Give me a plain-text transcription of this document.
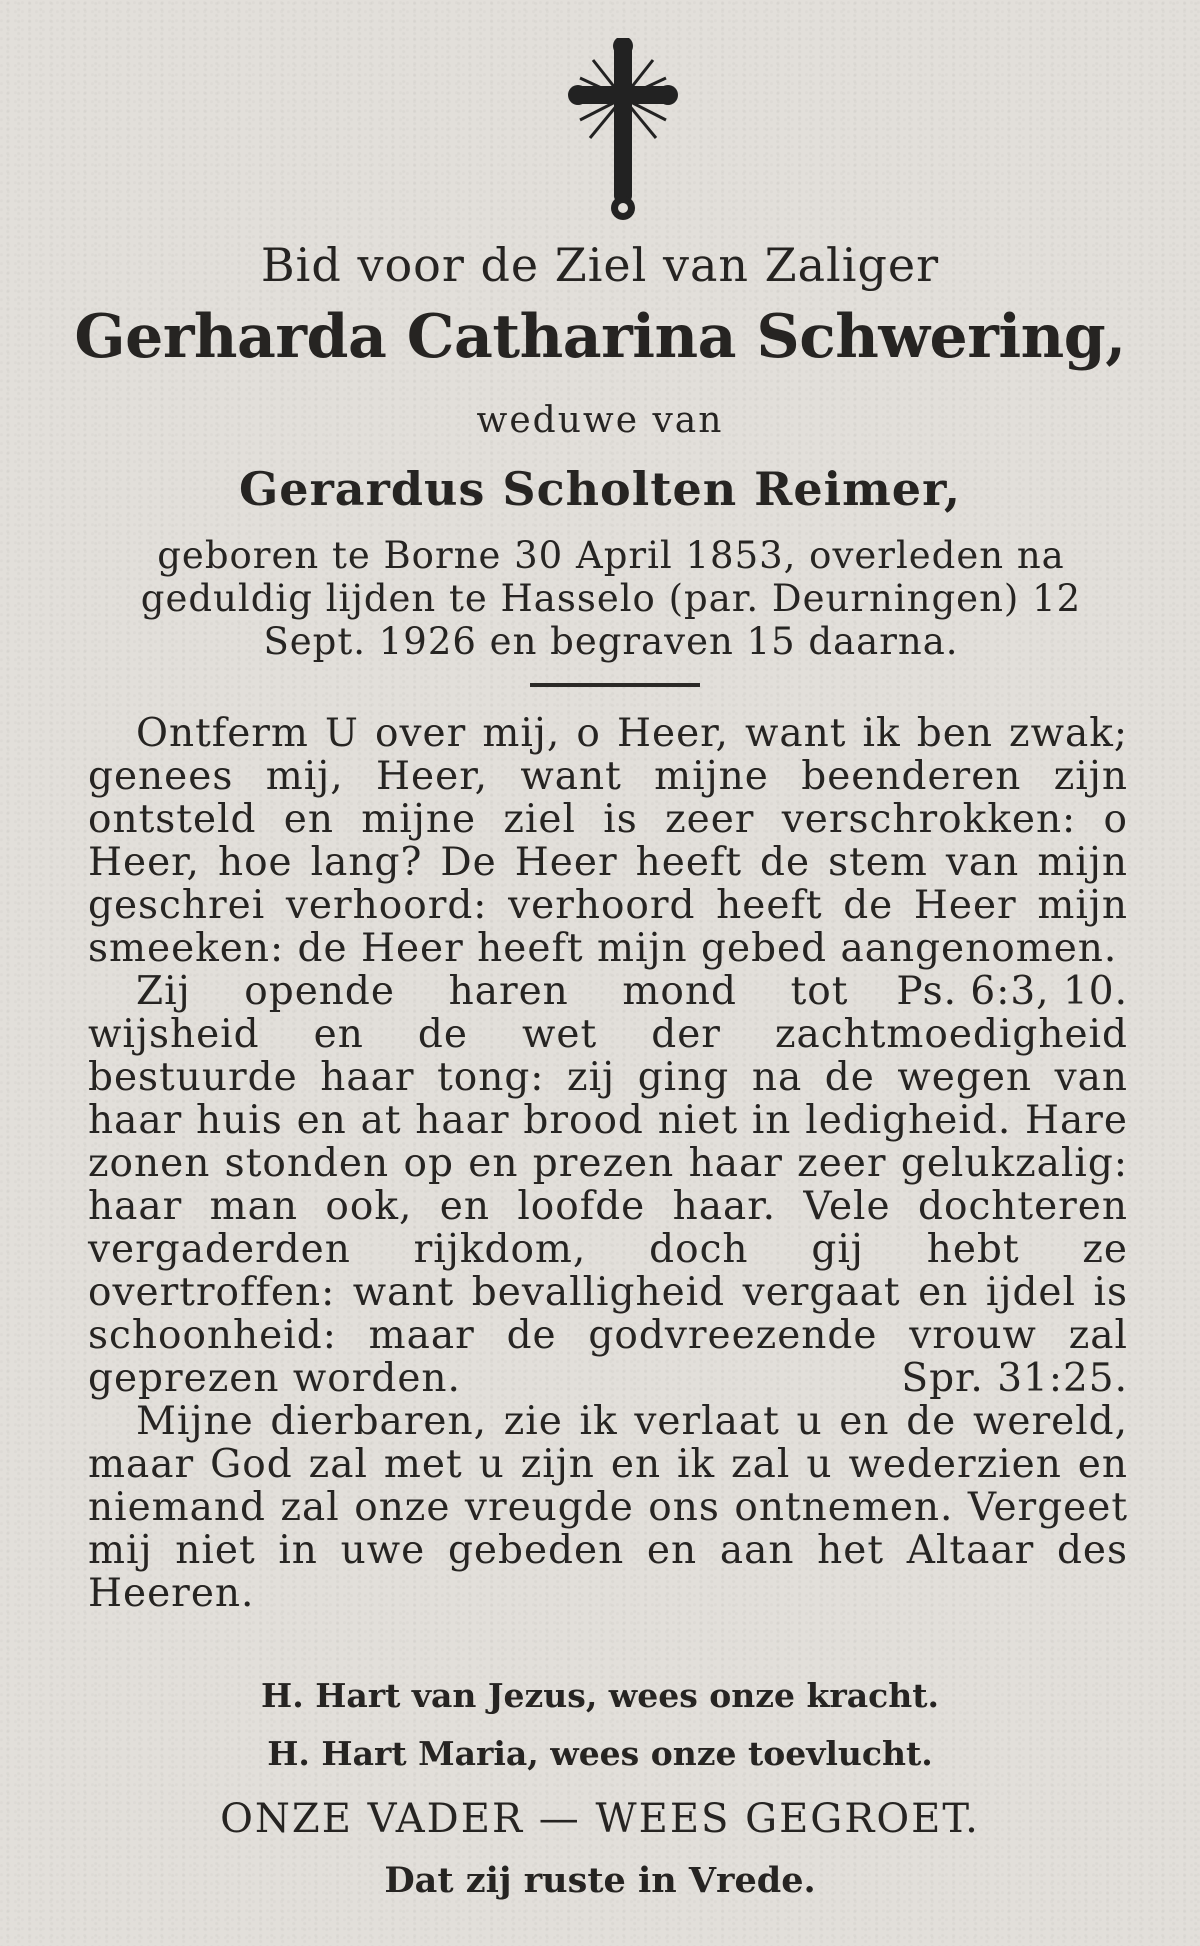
Bid voor de Ziel van Zaliger
Gerharda Catharina Schwering,
weduwe van
Gerardus Scholten Reimer,
geboren te Borne 30 April 1853, overleden na geduldig lijden te Hasselo (par. Deurningen) 12 Sept. 1926 en begraven 15 daarna.

Ontferm U over mij, o Heer, want ik ben zwak; genees mij, Heer, want mijne beenderen zijn ontsteld en mijne ziel is zeer verschrokken: o Heer, hoe lang? De Heer heeft de stem van mijn geschrei verhoord: verhoord heeft de Heer mijn smeeken: de Heer heeft mijn gebed aangenomen.
Ps. 6:3, 10.

Zij opende haren mond tot wijsheid en de wet der zachtmoedigheid bestuurde haar tong: zij ging na de wegen van haar huis en at haar brood niet in ledigheid. Hare zonen stonden op en prezen haar zeer gelukzalig: haar man ook, en loofde haar. Vele dochteren vergaderden rijkdom, doch gij hebt ze overtroffen: want bevalligheid vergaat en ijdel is schoonheid: maar de godvreezende vrouw zal geprezen worden.	Spr. 31:25.

Mijne dierbaren, zie ik verlaat u en de wereld, maar God zal met u zijn en ik zal u wederzien en niemand zal onze vreugde ons ontnemen. Vergeet mij niet in uwe gebeden en aan het Altaar des Heeren.

H. Hart van Jezus, wees onze kracht.
H. Hart Maria, wees onze toevlucht.
ONZE VADER — WEES GEGROET.
Dat zij ruste in Vrede.
